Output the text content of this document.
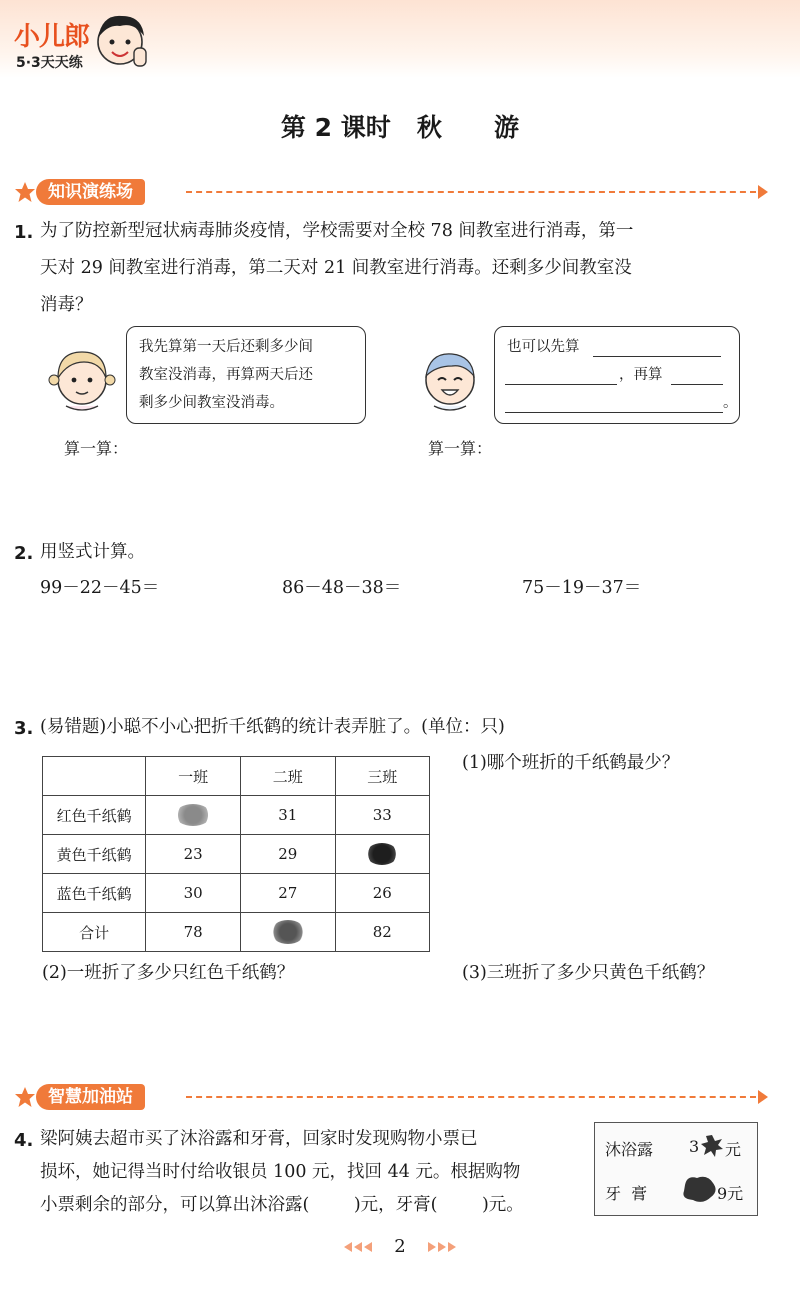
小儿郎
5·3天天练
第 2 课时   秋      游
知识演练场
1. 为了防控新型冠状病毒肺炎疫情，学校需要对全校 78 间教室进行消毒，第一
天对 29 间教室进行消毒，第二天对 21 间教室进行消毒。还剩多少间教室没
消毒？
我先算第一天后还剩多少间
教室没消毒，再算两天后还
剩多少间教室没消毒。
算一算：
也可以先算
，再算
。
算一算：
2. 用竖式计算。
99－22－45＝	86－48－38＝	75－19－37＝
3. (易错题)小聪不小心把折千纸鹤的统计表弄脏了。(单位：只)
	一班	二班	三班
红色千纸鹤		31	33
黄色千纸鹤	23	29	

蓝色千纸鹤	30	27	26
合计	78		82
(1)哪个班折的千纸鹤最少？
(2)一班折了多少只红色千纸鹤？	(3)三班折了多少只黄色千纸鹤？
智慧加油站
4. 梁阿姨去超市买了沐浴露和牙膏，回家时发现购物小票已
损坏，她记得当时付给收银员 100 元，找回 44 元。根据购物
小票剩余的部分，可以算出沐浴露(        )元，牙膏(        )元。
沐浴露 3 元
牙  膏	9元
2
